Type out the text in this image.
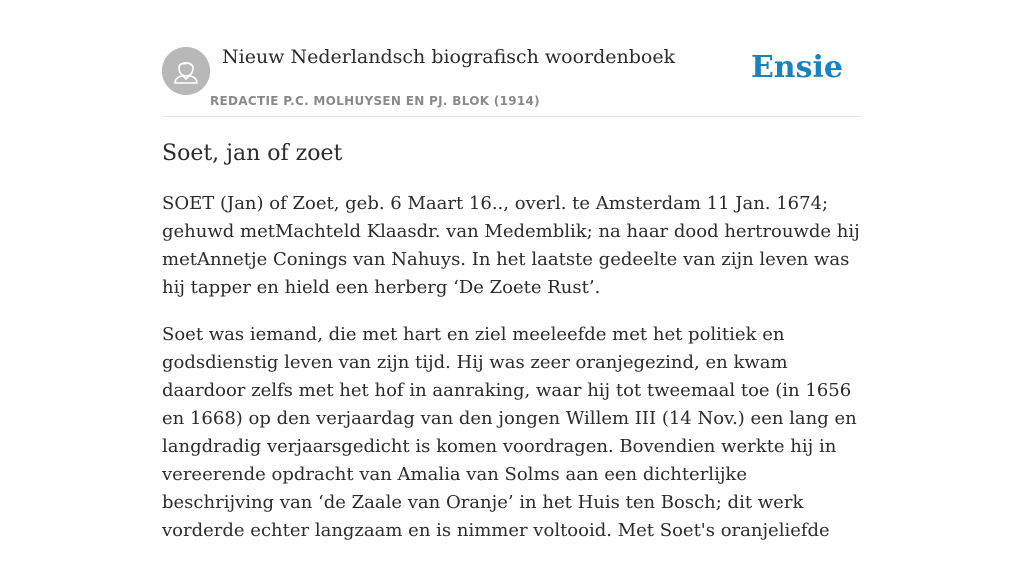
Nieuw Nederlandsch biografisch woordenboek
REDACTIE P.C. MOLHUYSEN EN PJ. BLOK (1914)
Ensie
Soet, jan of zoet

SOET (Jan) of Zoet, geb. 6 Maart 16.., overl. te Amsterdam 11 Jan. 1674; gehuwd metMachteld Klaasdr. van Medemblik; na haar dood hertrouwde hij metAnnetje Conings van Nahuys. In het laatste gedeelte van zijn leven was hij tapper en hield een herberg ‘De Zoete Rust’.

Soet was iemand, die met hart en ziel meeleefde met het politiek en godsdienstig leven van zijn tijd. Hij was zeer oranjegezind, en kwam daardoor zelfs met het hof in aanraking, waar hij tot tweemaal toe (in 1656 en 1668) op den verjaardag van den jongen Willem III (14 Nov.) een lang en langdradig verjaarsgedicht is komen voordragen. Bovendien werkte hij in vereerende opdracht van Amalia van Solms aan een dichterlijke beschrijving van ‘de Zaale van Oranje’ in het Huis ten Bosch; dit werk vorderde echter langzaam en is nimmer voltooid. Met Soet's oranjeliefde
